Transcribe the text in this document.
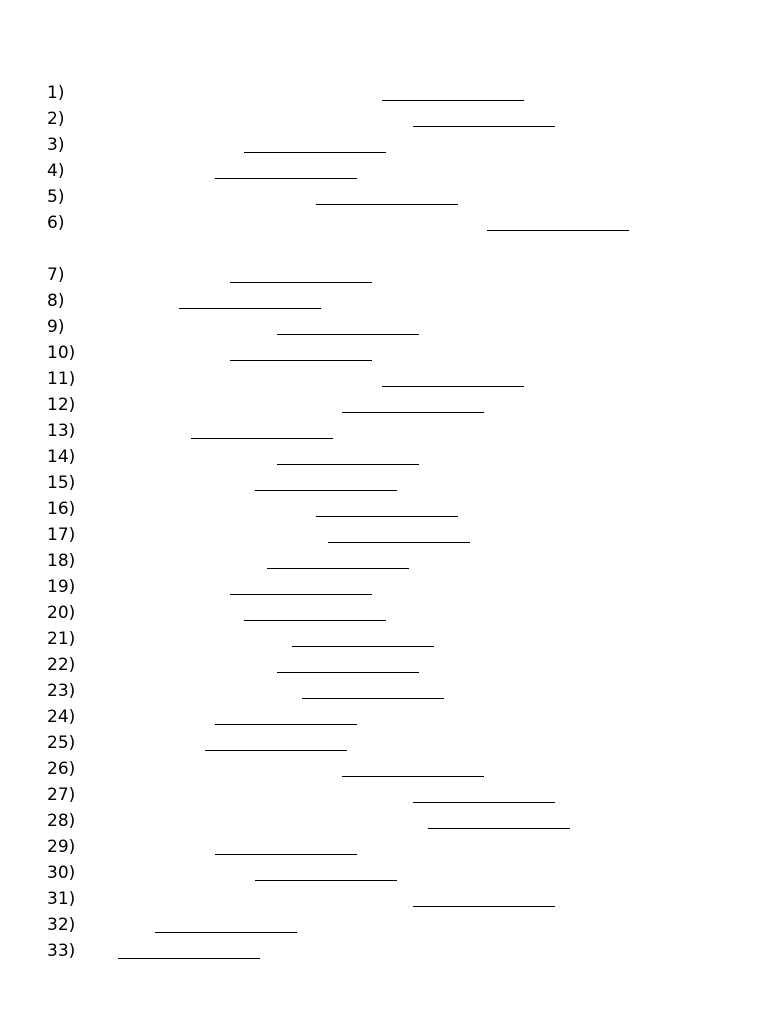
1)
2)
3)
4)
5)
6)
7)
8)
9)
10)
11)
12)
13)
14)
15)
16)
17)
18)
19)
20)
21)
22)
23)
24)
25)
26)
27)
28)
29)
30)
31)
32)
33)
